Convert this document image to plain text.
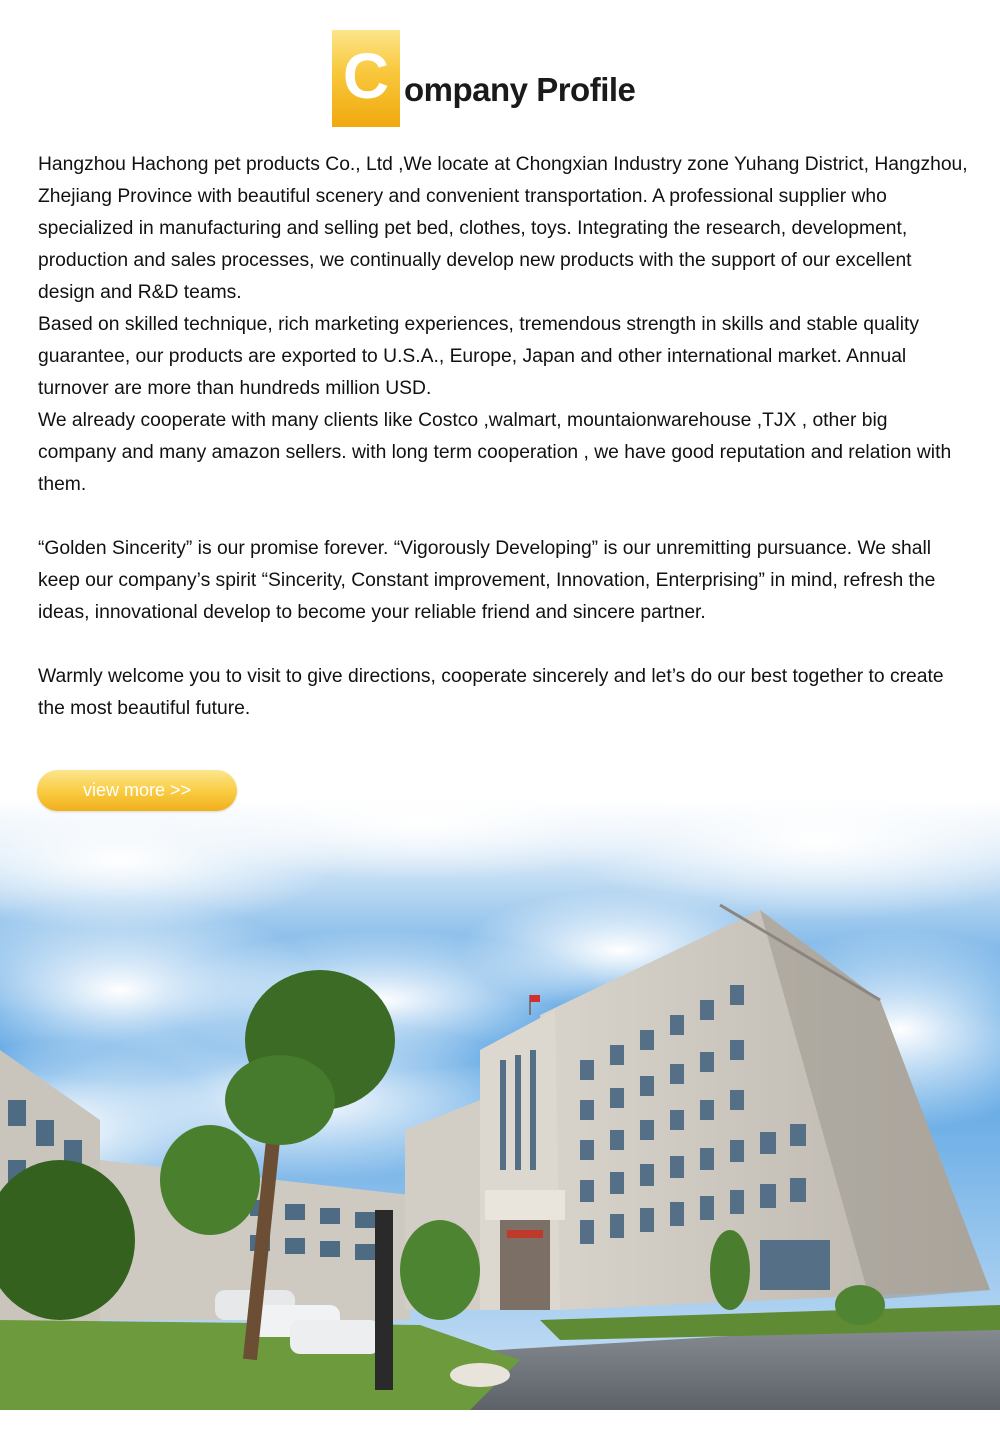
C ompany Profile

Hangzhou Hachong pet products Co., Ltd ,We locate at Chongxian Industry zone Yuhang District, Hangzhou, Zhejiang Province with beautiful scenery and convenient transportation. A professional supplier who specialized in manufacturing and selling pet bed, clothes, toys. Integrating the research, development, production and sales processes, we continually develop new products with the support of our excellent design and R&D teams.

Based on skilled technique, rich marketing experiences, tremendous strength in skills and stable quality guarantee, our products are exported to U.S.A., Europe, Japan and other international market. Annual turnover are more than hundreds million USD.

We already cooperate with many clients like Costco ,walmart, mountaionwarehouse ,TJX , other big company and many amazon sellers. with long term cooperation , we have good reputation and relation with them.

“Golden Sincerity” is our promise forever. “Vigorously Developing” is our unremitting pursuance. We shall keep our company’s spirit “Sincerity, Constant improvement, Innovation, Enterprising” in mind, refresh the ideas, innovational develop to become your reliable friend and sincere partner.

Warmly welcome you to visit to give directions, cooperate sincerely and let’s do our best together to create the most beautiful future.

view more >>
